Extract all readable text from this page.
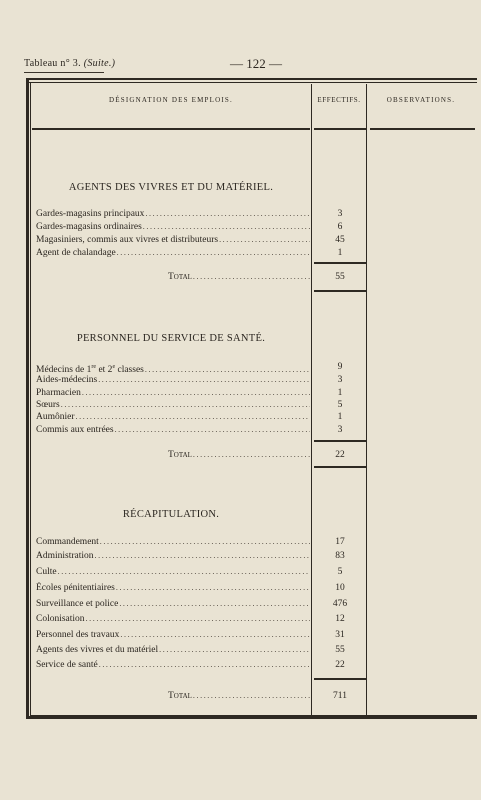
Tableau n° 3. (Suite.)	— 122 —
DÉSIGNATION DES EMPLOIS.	EFFECTIFS.	OBSERVATIONS.
AGENTS DES VIVRES ET DU MATÉRIEL.
Gardes-magasins principaux .....	3
Gardes-magasins ordinaires .....	6
Magasiniers, commis aux vivres et distributeurs .....	45
Agent de chalandage .....	1
Total .....	55
PERSONNEL DU SERVICE DE SANTÉ.
Médecins de 1re et 2e classes .....	9
Aides-médecins .....	3
Pharmacien .....	1
Sœurs .....	5
Aumônier .....	1
Commis aux entrées .....	3
Total .....	22
RÉCAPITULATION.
Commandement .....	17
Administration .....	83
Culte .....	5
Écoles pénitentiaires .....	10
Surveillance et police .....	476
Colonisation .....	12
Personnel des travaux .....	31
Agents des vivres et du matériel .....	55
Service de santé .....	22
Total .....	711
